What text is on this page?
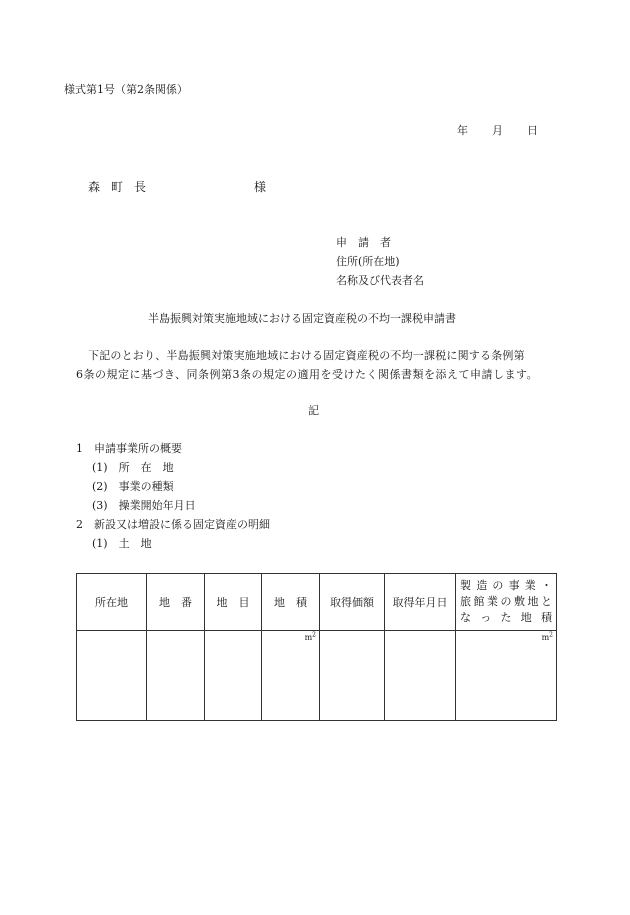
様式第1号（第2条関係）
年 月 日
森 町 長	様
申　請　者
住所(所在地)
名称及び代表者名
半島振興対策実施地域における固定資産税の不均一課税申請書
下記のとおり、半島振興対策実施地域における固定資産税の不均一課税に関する条例第
6条の規定に基づき、同条例第3条の規定の適用を受けたく関係書類を添えて申請します。
記
1　申請事業所の概要
(1)　所　在　地
(2)　事業の種類
(3)　操業開始年月日
2　新設又は増設に係る固定資産の明細
(1)　土　地
所在地	地　番	地　目	地　積	取得価額	取得年月日	製造の事業・
旅館業の敷地と
なった地積

			$m^2$			$m^2$
